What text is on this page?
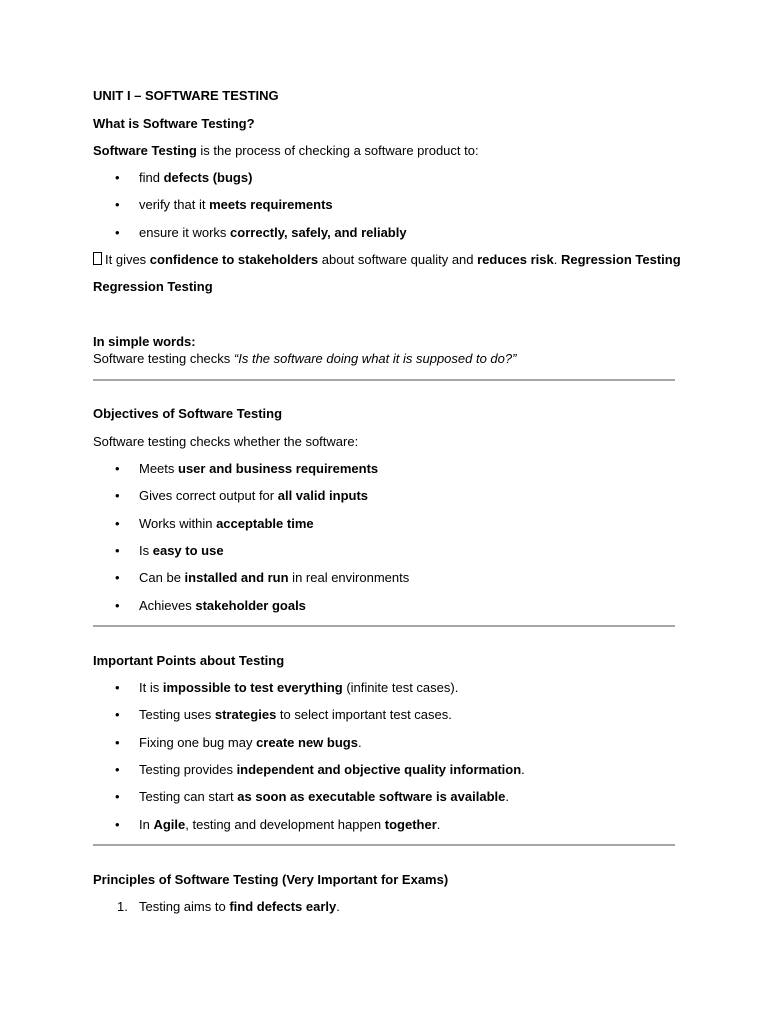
UNIT I – SOFTWARE TESTING
What is Software Testing?
Software Testing is the process of checking a software product to:
•	find defects (bugs)
•	verify that it meets requirements
•	ensure it works correctly, safely, and reliably
It gives confidence to stakeholders about software quality and reduces risk. Regression Testing
Regression Testing
In simple words:
Software testing checks “Is the software doing what it is supposed to do?”
Objectives of Software Testing
Software testing checks whether the software:
•	Meets user and business requirements
•	Gives correct output for all valid inputs
•	Works within acceptable time
•	Is easy to use
•	Can be installed and run in real environments
•	Achieves stakeholder goals
Important Points about Testing
•	It is impossible to test everything (infinite test cases).
•	Testing uses strategies to select important test cases.
•	Fixing one bug may create new bugs.
•	Testing provides independent and objective quality information.
•	Testing can start as soon as executable software is available.
•	In Agile, testing and development happen together.
Principles of Software Testing (Very Important for Exams)
1. Testing aims to find defects early.
